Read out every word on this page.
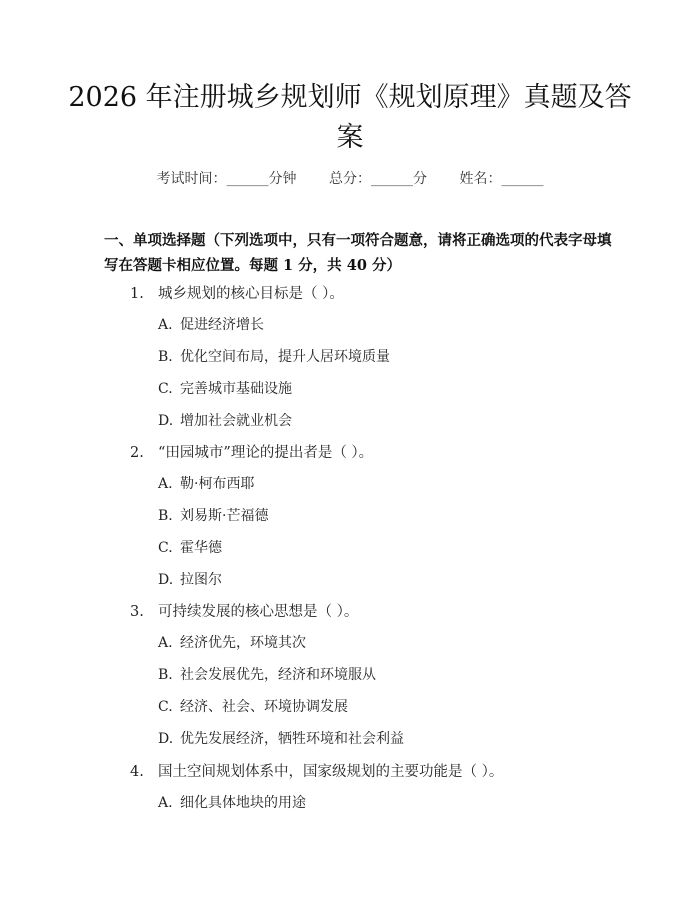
2026 年注册城乡规划师《规划原理》真题及答案
考试时间：______分钟 总分：______分 姓名：______
一、单项选择题（下列选项中，只有一项符合题意，请将正确选项的代表字母填写在答题卡相应位置。每题 1 分，共 40 分）
1. 城乡规划的核心目标是（ ）。
A. 促进经济增长
B. 优化空间布局，提升人居环境质量
C. 完善城市基础设施
D. 增加社会就业机会
2. “田园城市”理论的提出者是（ ）。
A. 勒·柯布西耶
B. 刘易斯·芒福德
C. 霍华德
D. 拉图尔
3. 可持续发展的核心思想是（ ）。
A. 经济优先，环境其次
B. 社会发展优先，经济和环境服从
C. 经济、社会、环境协调发展
D. 优先发展经济，牺牲环境和社会利益
4. 国土空间规划体系中，国家级规划的主要功能是（ ）。
A. 细化具体地块的用途
